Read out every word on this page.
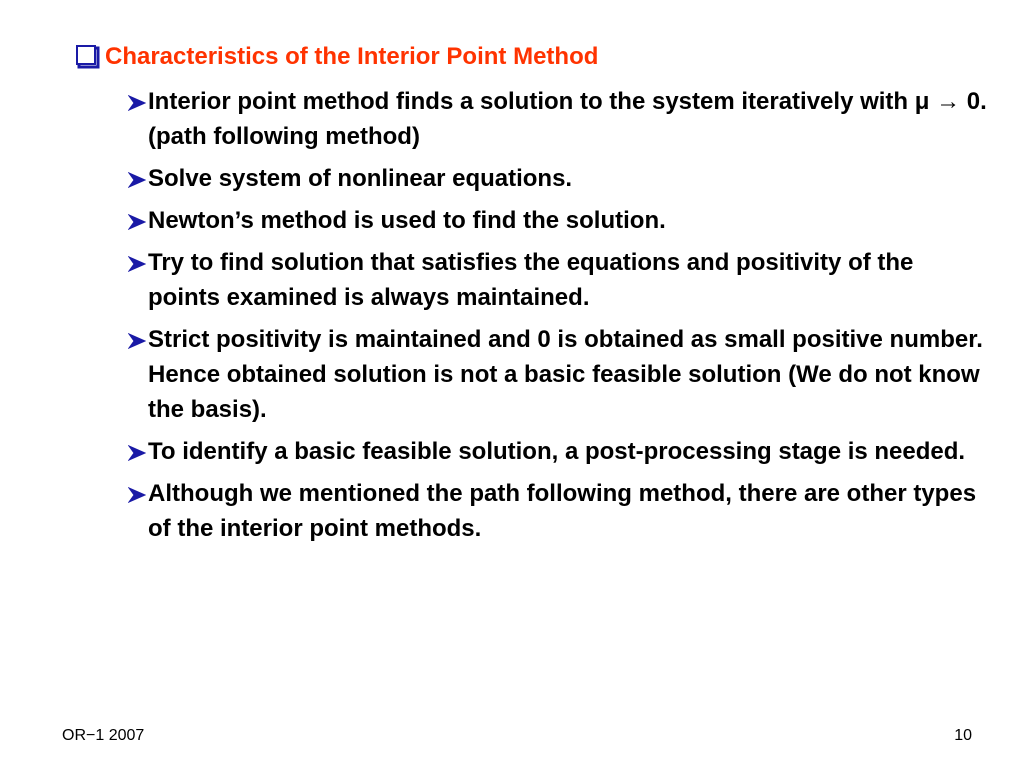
Characteristics of the Interior Point Method
Interior point method finds a solution to the system iteratively with μ → 0. (path following method)
Solve system of nonlinear equations.
Newton’s method is used to find the solution.
Try to find solution that satisfies the equations and positivity of the points examined is always maintained.
Strict positivity is maintained and 0 is obtained as small positive number. Hence obtained solution is not a basic feasible solution (We do not know the basis).
To identify a basic feasible solution, a post-processing stage is needed.
Although we mentioned the path following method, there are other types of the interior point methods.
OR−1 2007	10
